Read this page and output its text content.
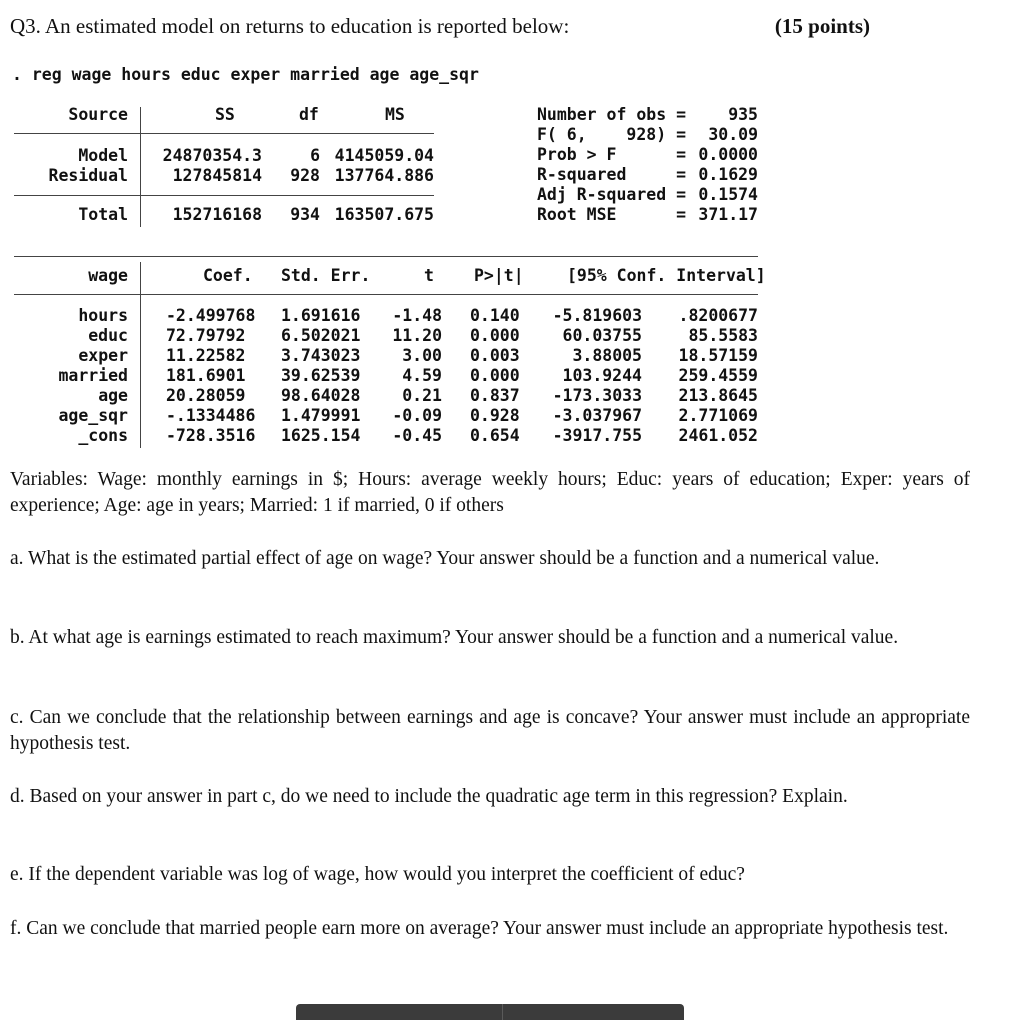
Q3. An estimated model on returns to education is reported below:	(15 points)
. reg wage hours educ exper married age age_sqr
Source	SS	df	MS
Model	24870354.3	6 4145059.04
Residual	127845814	928 137764.886
Total	152716168	934 163507.675
Number of obs =	935
F( 6,    928) =	30.09
Prob > F      = 0.0000
R-squared     = 0.1629
Adj R-squared = 0.1574
Root MSE      = 371.17
wage	Coef. Std. Err.	t P>|t|	[95% Conf. Interval]
hours -2.499768 1.691616	-1.48 0.140	-5.819603	.8200677
educ 72.79792 6.502021	11.20 0.000	60.03755	85.5583
exper 11.22582 3.743023	3.00 0.003	3.88005	18.57159
married 181.6901 39.62539	4.59 0.000	103.9244	259.4559
age 20.28059 98.64028	0.21 0.837	-173.3033	213.8645
age_sqr -.1334486 1.479991	-0.09 0.928	-3.037967	2.771069
_cons -728.3516 1625.154	-0.45 0.654	-3917.755	2461.052
Variables: Wage: monthly earnings in $; Hours: average weekly hours; Educ: years of education; Exper: years of experience; Age: age in years; Married: 1 if married, 0 if others
a. What is the estimated partial effect of age on wage? Your answer should be a function and a numerical value.
b. At what age is earnings estimated to reach maximum? Your answer should be a function and a numerical value.
c. Can we conclude that the relationship between earnings and age is concave? Your answer must include an appropriate hypothesis test.
d. Based on your answer in part c, do we need to include the quadratic age term in this regression? Explain.
e. If the dependent variable was log of wage, how would you interpret the coefficient of educ?
f. Can we conclude that married people earn more on average? Your answer must include an appropriate hypothesis test.
